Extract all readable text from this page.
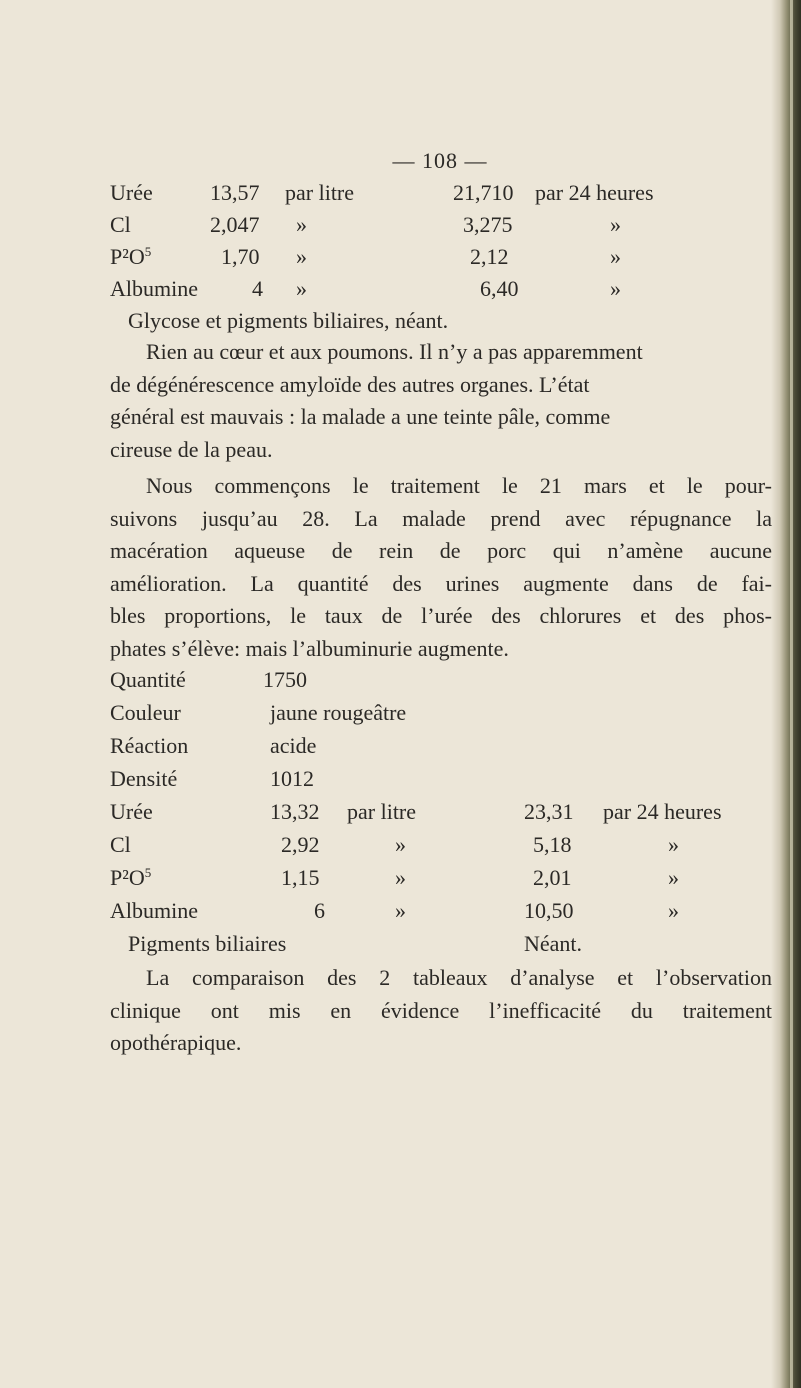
— 108 —
Urée	13,57 par litre	21,710 par 24 heures
Cl	2,047 »	3,275	»
$P^2O^5$	1,70 »	2,12	»
Albumine 4 »	6,40	»
Glycose et pigments biliaires, néant.
Rien au cœur et aux poumons. Il n’y a pas apparemment
de dégénérescence amyloïde des autres organes. L’état
général est mauvais : la malade a une teinte pâle, comme
cireuse de la peau.
Nous commençons le traitement le 21 mars et le pour-
suivons jusqu’au 28. La malade prend avec répugnance la
macération aqueuse de rein de porc qui n’amène aucune
amélioration. La quantité des urines augmente dans de fai-
bles proportions, le taux de l’urée des chlorures et des phos-
phates s’élève: mais l’albuminurie augmente.
Quantité	1750
Couleur	jaune rougeâtre
Réaction	acide
Densité	1012
Urée	13,32 par litre	23,31 par 24 heures
Cl	2,92	»	5,18	»
$P^2O^5$	1,15	»	2,01	»
Albumine	6	»	10,50	»
Pigments biliaires	Néant.
La comparaison des 2 tableaux d’analyse et l’observation
clinique ont mis en évidence l’inefficacité du traitement
opothérapique.
